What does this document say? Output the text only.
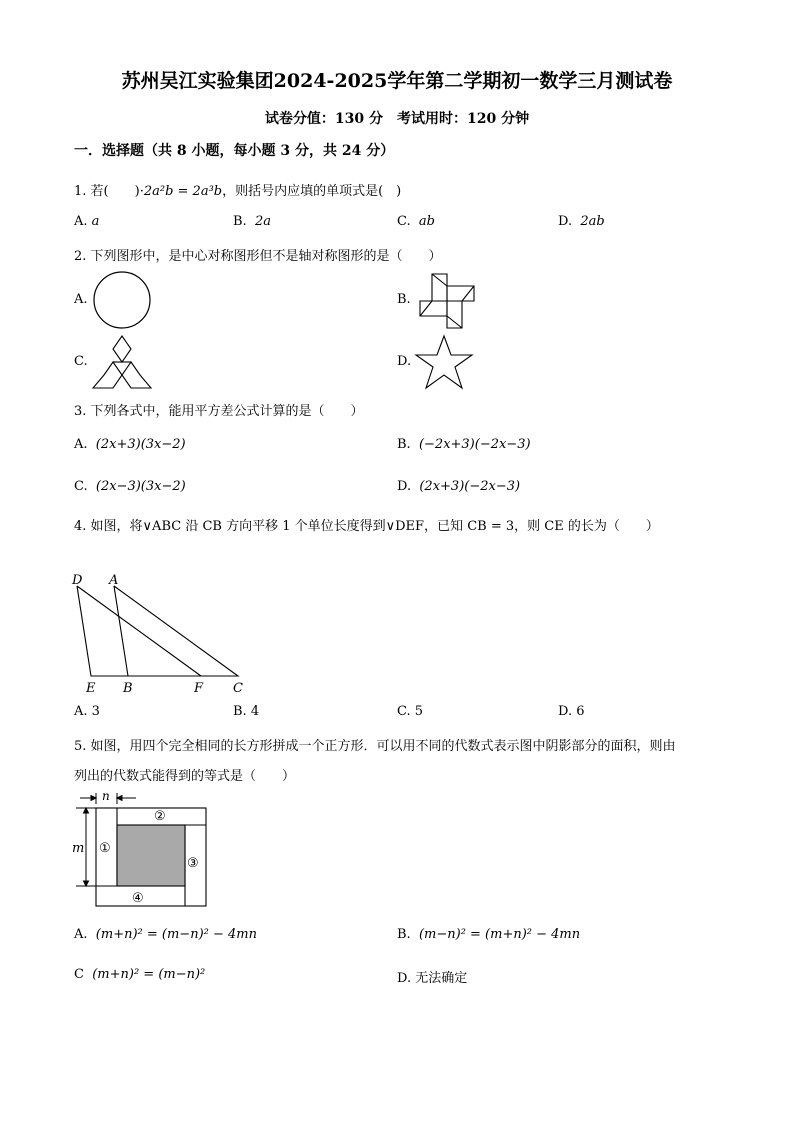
苏州吴江实验集团2024-2025学年第二学期初一数学三月测试卷
试卷分值：130 分　考试用时：120 分钟
一．选择题（共 8 小题，每小题 3 分，共 24 分）
1. 若(　　)·2a²b = 2a³b，则括号内应填的单项式是(　)
A. a	B. 2a	C. ab	D. 2ab
2. 下列图形中，是中心对称图形但不是轴对称图形的是（　　）
A.	B.
C.	D.
3. 下列各式中，能用平方差公式计算的是（　　）
A. (2x+3)(3x−2)	B. (−2x+3)(−2x−3)
C. (2x−3)(3x−2)	D. (2x+3)(−2x−3)
4. 如图，将∨ABC 沿 CB 方向平移 1 个单位长度得到∨DEF，已知 CB = 3，则 CE 的长为（　　）
D A
E B	F C
A. 3	B. 4	C. 5	D. 6
5. 如图，用四个完全相同的长方形拼成一个正方形．可以用不同的代数式表示图中阴影部分的面积，则由
列出的代数式能得到的等式是（　　）
n
m ①
②
③
④
A. (m+n)² = (m−n)² − 4mn	B. (m−n)² = (m+n)² − 4mn
C (m+n)² = (m−n)²	D. 无法确定
